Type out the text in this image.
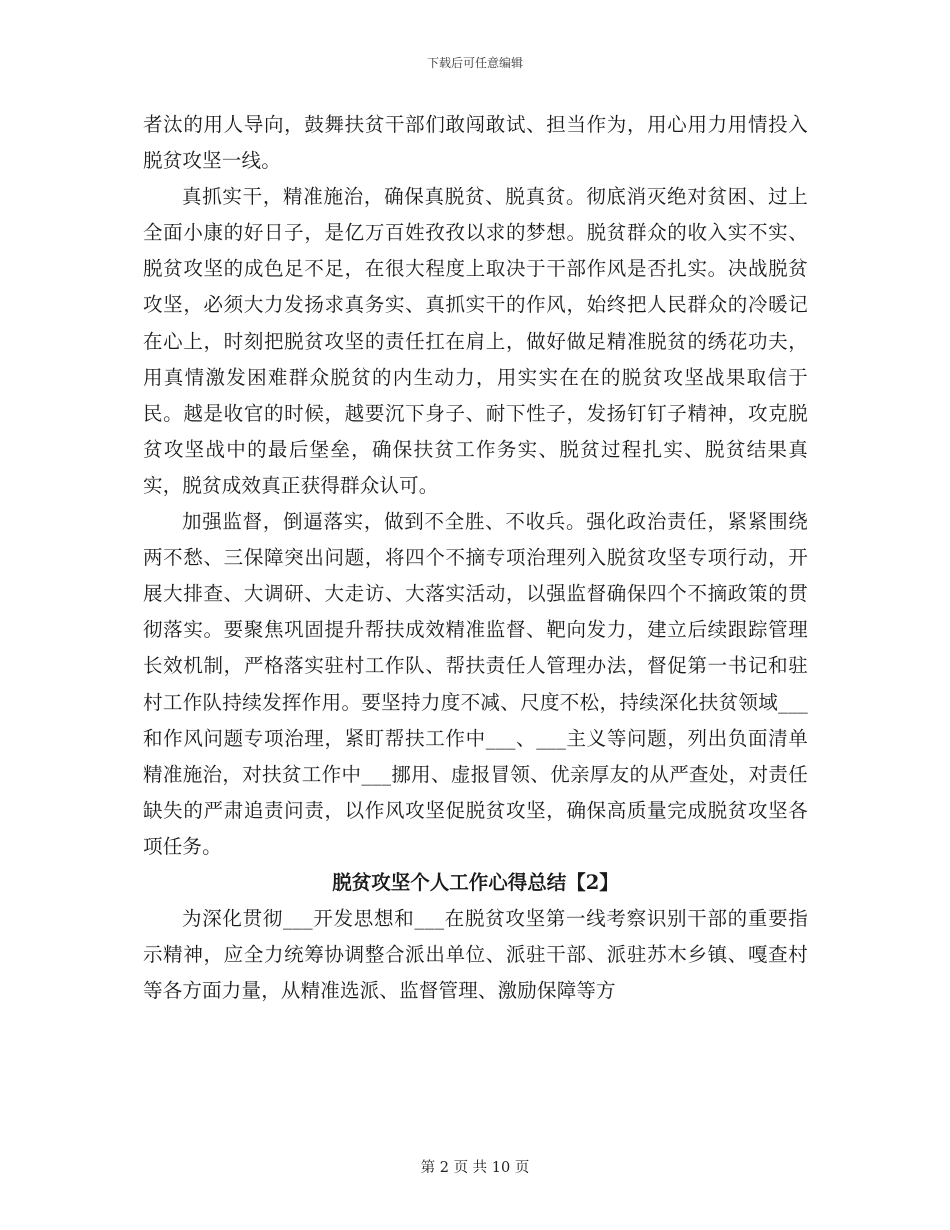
下载后可任意编辑

者汰的用人导向，鼓舞扶贫干部们敢闯敢试、担当作为，用心用力用情投入脱贫攻坚一线。

真抓实干，精准施治，确保真脱贫、脱真贫。彻底消灭绝对贫困、过上全面小康的好日子，是亿万百姓孜孜以求的梦想。脱贫群众的收入实不实、脱贫攻坚的成色足不足，在很大程度上取决于干部作风是否扎实。决战脱贫攻坚，必须大力发扬求真务实、真抓实干的作风，始终把人民群众的冷暖记在心上，时刻把脱贫攻坚的责任扛在肩上，做好做足精准脱贫的绣花功夫，用真情激发困难群众脱贫的内生动力，用实实在在的脱贫攻坚战果取信于民。越是收官的时候，越要沉下身子、耐下性子，发扬钉钉子精神，攻克脱贫攻坚战中的最后堡垒，确保扶贫工作务实、脱贫过程扎实、脱贫结果真实，脱贫成效真正获得群众认可。

加强监督，倒逼落实，做到不全胜、不收兵。强化政治责任，紧紧围绕两不愁、三保障突出问题，将四个不摘专项治理列入脱贫攻坚专项行动，开展大排查、大调研、大走访、大落实活动，以强监督确保四个不摘政策的贯彻落实。要聚焦巩固提升帮扶成效精准监督、靶向发力，建立后续跟踪管理长效机制，严格落实驻村工作队、帮扶责任人管理办法，督促第一书记和驻村工作队持续发挥作用。要坚持力度不减、尺度不松，持续深化扶贫领域___和作风问题专项治理，紧盯帮扶工作中___、___主义等问题，列出负面清单精准施治，对扶贫工作中___挪用、虚报冒领、优亲厚友的从严查处，对责任缺失的严肃追责问责，以作风攻坚促脱贫攻坚，确保高质量完成脱贫攻坚各项任务。

脱贫攻坚个人工作心得总结【2】

为深化贯彻___开发思想和___在脱贫攻坚第一线考察识别干部的重要指示精神，应全力统筹协调整合派出单位、派驻干部、派驻苏木乡镇、嘎查村等各方面力量，从精准选派、监督管理、激励保障等方

第 2 页 共 10 页
